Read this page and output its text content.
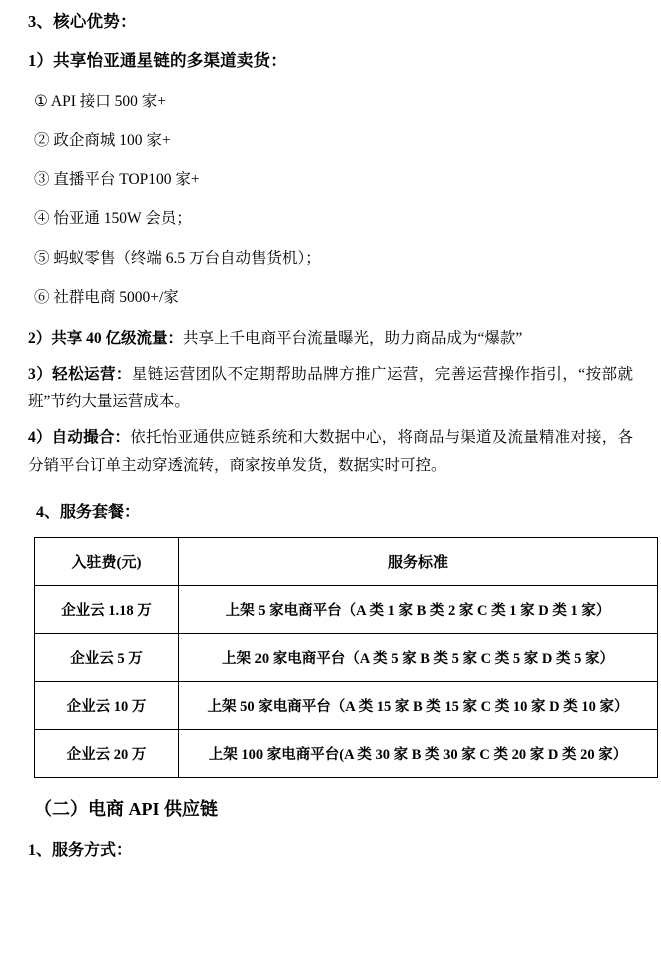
3、核心优势：
1）共享怡亚通星链的多渠道卖货：
① API 接口 500 家+
② 政企商城 100 家+
③ 直播平台 TOP100 家+
④ 怡亚通 150W 会员；
⑤ 蚂蚁零售（终端 6.5 万台自动售货机）；
⑥ 社群电商 5000+/家
2）共享 40 亿级流量：共享上千电商平台流量曝光，助力商品成为“爆款”
3）轻松运营：星链运营团队不定期帮助品牌方推广运营，完善运营操作指引，“按部就班”节约大量运营成本。
4）自动撮合：依托怡亚通供应链系统和大数据中心，将商品与渠道及流量精准对接，各分销平台订单主动穿透流转，商家按单发货，数据实时可控。
4、服务套餐：
入驻费(元)	服务标准
企业云 1.18 万	上架 5 家电商平台（A 类 1 家 B 类 2 家 C 类 1 家 D 类 1 家）
企业云 5 万	上架 20 家电商平台（A 类 5 家 B 类 5 家 C 类 5 家 D 类 5 家）
企业云 10 万	上架 50 家电商平台（A 类 15 家 B 类 15 家 C 类 10 家 D 类 10 家）
企业云 20 万	上架 100 家电商平台(A 类 30 家 B 类 30 家 C 类 20 家 D 类 20 家）
（二）电商 API 供应链
1、服务方式：
